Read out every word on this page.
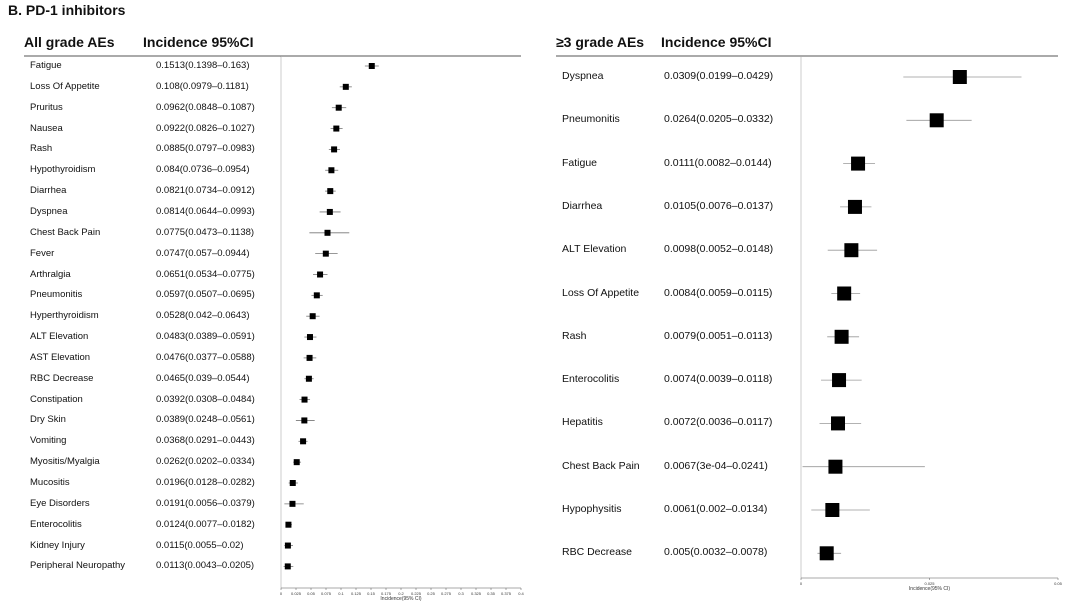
B. PD-1 inhibitors
All grade AEs Incidence 95%CI	≥3 grade AEs Incidence 95%CI
Fatigue	0.1513(0.1398–0.163)
Loss Of Appetite	0.108(0.0979–0.1181)
Pruritus	0.0962(0.0848–0.1087)
Nausea	0.0922(0.0826–0.1027)
Rash	0.0885(0.0797–0.0983)
Hypothyroidism	0.084(0.0736–0.0954)
Diarrhea	0.0821(0.0734–0.0912)
Dyspnea	0.0814(0.0644–0.0993)
Chest Back Pain	0.0775(0.0473–0.1138)
Fever	0.0747(0.057–0.0944)
Arthralgia	0.0651(0.0534–0.0775)
Pneumonitis	0.0597(0.0507–0.0695)
Hyperthyroidism	0.0528(0.042–0.0643)
ALT Elevation	0.0483(0.0389–0.0591)
AST Elevation	0.0476(0.0377–0.0588)
RBC Decrease	0.0465(0.039–0.0544)
Constipation	0.0392(0.0308–0.0484)
Dry Skin	0.0389(0.0248–0.0561)
Vomiting	0.0368(0.0291–0.0443)
Myositis/Myalgia	0.0262(0.0202–0.0334)
Mucositis	0.0196(0.0128–0.0282)
Eye Disorders	0.0191(0.0056–0.0379)
Enterocolitis	0.0124(0.0077–0.0182)
Kidney Injury	0.0115(0.0055–0.02)
Peripheral Neuropathy	0.0113(0.0043–0.0205)
Dyspnea	0.0309(0.0199–0.0429)
Pneumonitis	0.0264(0.0205–0.0332)
Fatigue	0.0111(0.0082–0.0144)
Diarrhea	0.0105(0.0076–0.0137)
ALT Elevation	0.0098(0.0052–0.0148)
Loss Of Appetite 0.0084(0.0059–0.0115)
Rash	0.0079(0.0051–0.0113)
Enterocolitis	0.0074(0.0039–0.0118)
Hepatitis	0.0072(0.0036–0.0117)
Chest Back Pain 0.0067(3e-04–0.0241)
Hypophysitis	0.0061(0.002–0.0134)
RBC Decrease	0.005(0.0032–0.0078)
0 0.025 0.05 0.075 0.1 0.125 0.15 0.175 0.2 0.225 0.25 0.275 0.3 0.325 0.35 0.375 0.4
Incidence(95% CI)
0	0.025	0.05
Incidence(95% CI)
